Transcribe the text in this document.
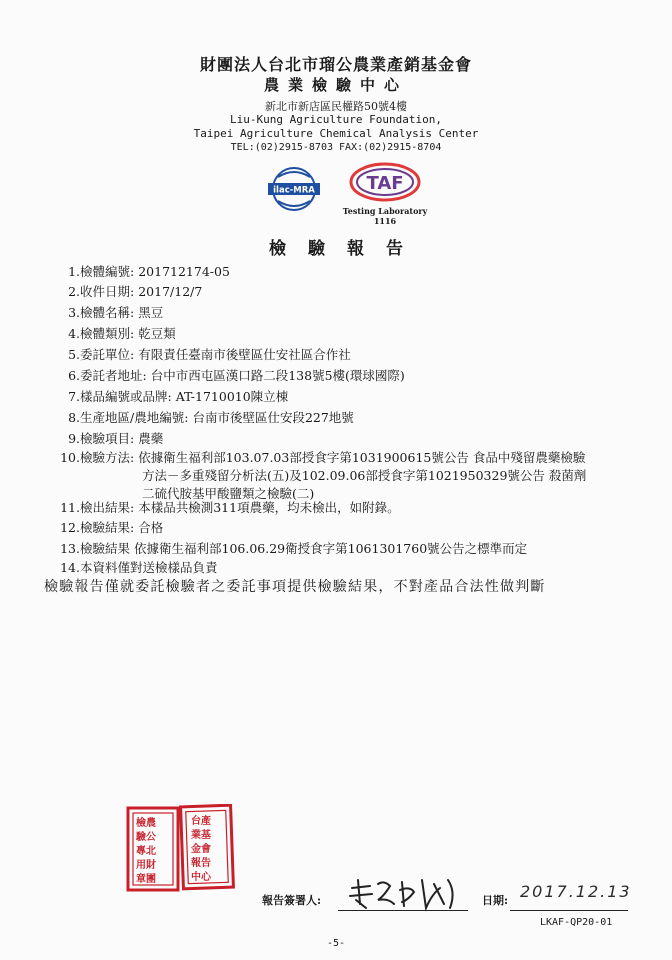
財團法人台北市瑠公農業產銷基金會
農業檢驗中心
新北市新店區民權路50號4樓
Liu-Kung Agriculture Foundation,
Taipei Agriculture Chemical Analysis Center
TEL:(02)2915-8703 FAX:(02)2915-8704
ilac-MRA	TAF
Testing Laboratory
1116
檢驗報告
1.檢體編號: 201712174-05
2.收件日期: 2017/12/7
3.檢體名稱: 黑豆
4.檢體類別: 乾豆類
5.委託單位: 有限責任臺南市後壁區仕安社區合作社
6.委託者地址: 台中市西屯區漢口路二段138號5樓(環球國際)
7.樣品編號或品牌: AT-1710010陳立棟
8.生產地區/農地編號: 台南市後壁區仕安段227地號
9.檢驗項目: 農藥
10.檢驗方法: 依據衛生福利部103.07.03部授食字第1031900615號公告 食品中殘留農藥檢驗
方法－多重殘留分析法(五)及102.09.06部授食字第1021950329號公告 殺菌劑
二硫代胺基甲酸鹽類之檢驗(二)
11.檢出結果: 本樣品共檢測311項農藥，均未檢出，如附錄。
12.檢驗結果: 合格
13.檢驗結果 依據衛生福利部106.06.29衛授食字第1061301760號公告之標準而定
14.本資料僅對送檢樣品負責
檢驗報告僅就委託檢驗者之委託事項提供檢驗結果，不對產品合法性做判斷
檢農
驗公
專北
用財
章團
台產
業基
金會
報告
中心
報告簽署人:	日期: 2017.12.13
LKAF-QP20-01
-5-
